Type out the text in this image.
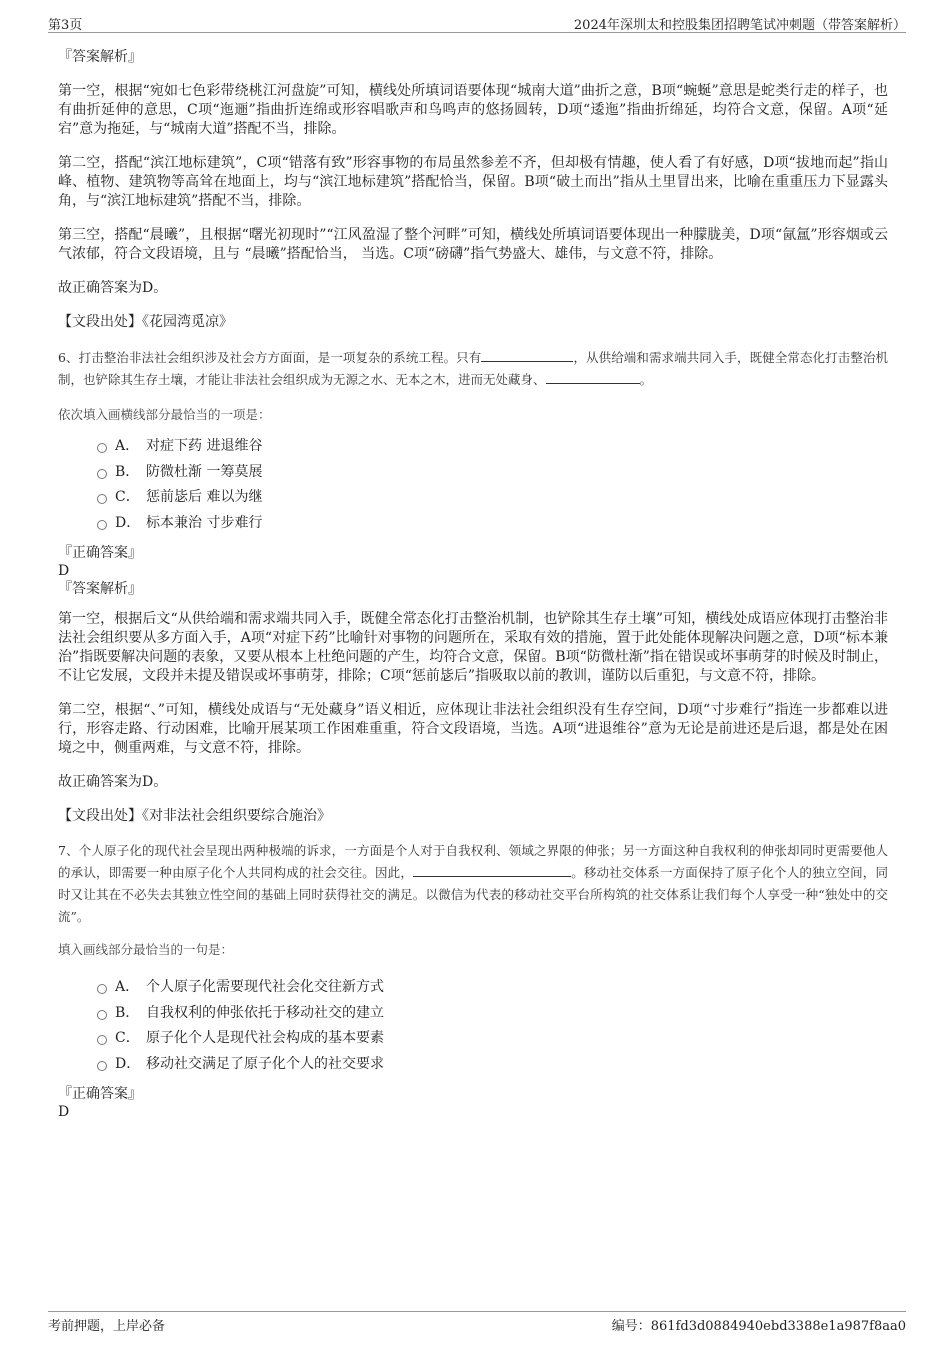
第3页	2024年深圳太和控股集团招聘笔试冲刺题（带答案解析）

『答案解析』

第一空，根据“宛如七色彩带绕桃江河盘旋”可知，横线处所填词语要体现“城南大道”曲折之意，B项“蜿蜒”意思是蛇类行走的样子，也有曲折延伸的意思，C项“迤逦”指曲折连绵或形容唱歌声和鸟鸣声的悠扬圆转，D项“逶迤”指曲折绵延，均符合文意，保留。A项“延宕”意为拖延，与“城南大道”搭配不当，排除。

第二空，搭配“滨江地标建筑”，C项“错落有致”形容事物的布局虽然参差不齐，但却极有情趣，使人看了有好感，D项“拔地而起”指山峰、植物、建筑物等高耸在地面上，均与“滨江地标建筑”搭配恰当，保留。B项“破土而出”指从土里冒出来，比喻在重重压力下显露头角，与“滨江地标建筑”搭配不当，排除。

第三空，搭配“晨曦”，且根据“曙光初现时”“江风盈湿了整个河畔”可知，横线处所填词语要体现出一种朦胧美，D项“氤氲”形容烟或云气浓郁，符合文段语境，且与 “晨曦”搭配恰当， 当选。C项“磅礴”指气势盛大、雄伟，与文意不符，排除。

故正确答案为D。

【文段出处】《花园湾觅凉》

6、打击整治非法社会组织涉及社会方方面面，是一项复杂的系统工程。只有	，从供给端和需求端共同入手，既健全常态化打击整治机制，也铲除其生存土壤，才能让非法社会组织成为无源之水、无本之木，进而无处藏身、	。

依次填入画横线部分最恰当的一项是：

A． 对症下药 进退维谷
B． 防微杜渐 一筹莫展
C． 惩前毖后 难以为继
D． 标本兼治 寸步难行

『正确答案』

D

『答案解析』

第一空，根据后文“从供给端和需求端共同入手，既健全常态化打击整治机制，也铲除其生存土壤”可知，横线处成语应体现打击整治非法社会组织要从多方面入手，A项“对症下药”比喻针对事物的问题所在，采取有效的措施，置于此处能体现解决问题之意，D项“标本兼治”指既要解决问题的表象，又要从根本上杜绝问题的产生，均符合文意，保留。B项“防微杜渐”指在错误或坏事萌芽的时候及时制止，不让它发展，文段并未提及错误或坏事萌芽，排除；C项“惩前毖后”指吸取以前的教训，谨防以后重犯，与文意不符，排除。

第二空，根据“、”可知，横线处成语与“无处藏身”语义相近，应体现让非法社会组织没有生存空间，D项“寸步难行”指连一步都难以进行，形容走路、行动困难，比喻开展某项工作困难重重，符合文段语境，当选。A项“进退维谷”意为无论是前进还是后退，都是处在困境之中，侧重两难，与文意不符，排除。

故正确答案为D。

【文段出处】《对非法社会组织要综合施治》

7、个人原子化的现代社会呈现出两种极端的诉求，一方面是个人对于自我权利、领域之界限的伸张；另一方面这种自我权利的伸张却同时更需要他人的承认，即需要一种由原子化个人共同构成的社会交往。因此，	。移动社交体系一方面保持了原子化个人的独立空间，同时又让其在不必失去其独立性空间的基础上同时获得社交的满足。以微信为代表的移动社交平台所构筑的社交体系让我们每个人享受一种“独处中的交流”。

填入画线部分最恰当的一句是：

A． 个人原子化需要现代社会化交往新方式
B． 自我权利的伸张依托于移动社交的建立
C． 原子化个人是现代社会构成的基本要素
D． 移动社交满足了原子化个人的社交要求

『正确答案』

D

考前押题，上岸必备	编号：861fd3d0884940ebd3388e1a987f8aa0
